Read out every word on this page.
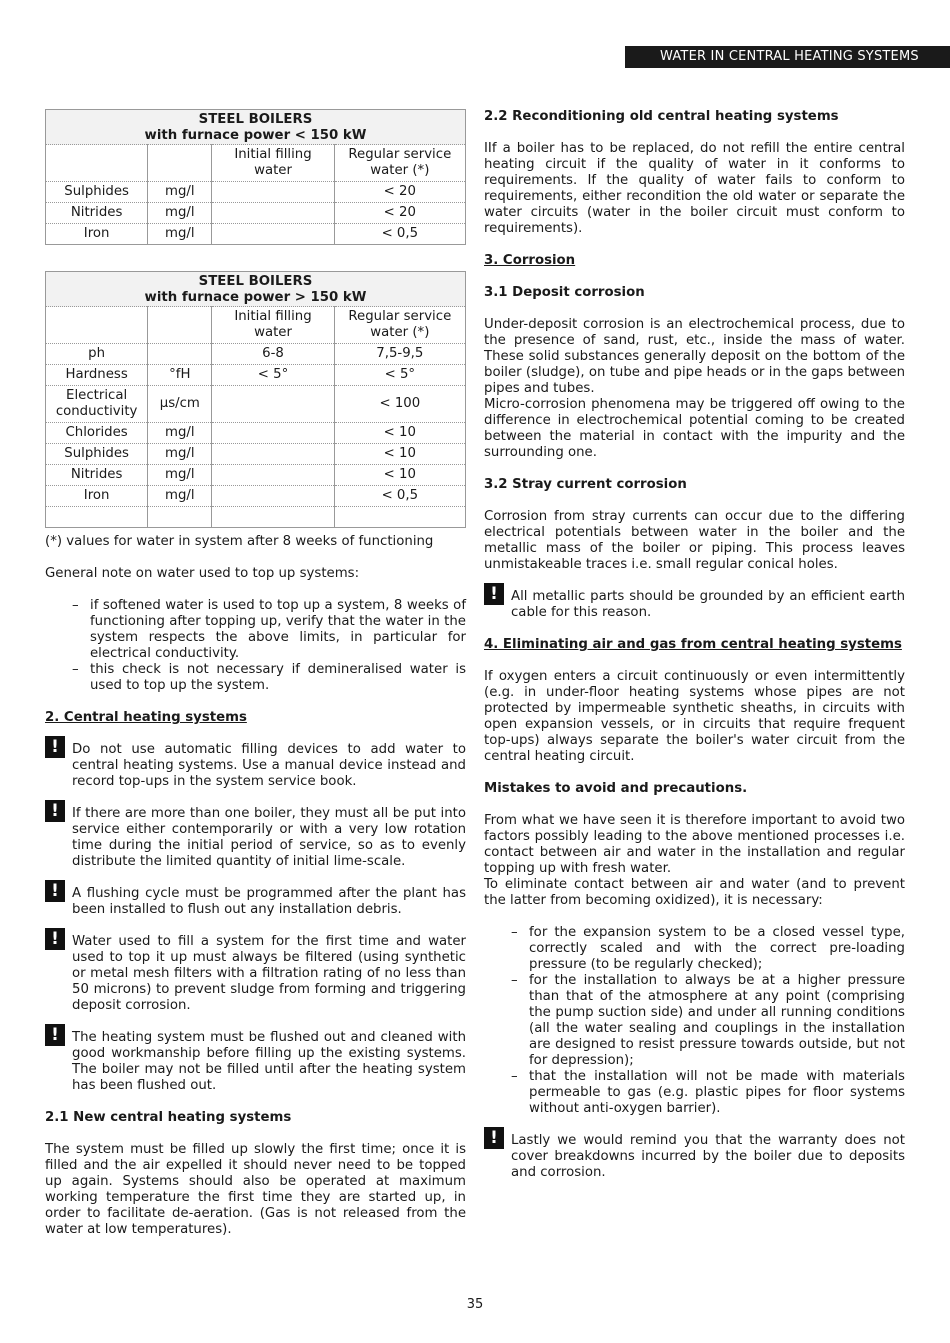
WATER IN CENTRAL HEATING SYSTEMS
STEEL BOILERS
with furnace power < 150 kW			

		Initial filling water	Regular service water (*)
Sulphides	mg/l		< 20
Nitrides	mg/l		< 20
Iron	mg/l		< 0,5
STEEL BOILERS
with furnace power > 150 kW			

		Initial filling water	Regular service water (*)
ph		6-8	7,5-9,5
Hardness	°fH	< 5°	< 5°
Electrical conductivity	µs/cm		< 100
Chlorides	mg/l		< 10
Sulphides	mg/l		< 10
Nitrides	mg/l		< 10
Iron	mg/l		< 0,5

(*) values for water in system after 8 weeks of functioning

General note on water used to top up systems:

– if softened water is used to top up a system, 8 weeks of functioning after topping up, verify that the water in the system respects the above limits, in particular for electrical conductivity.
– this check is not necessary if demineralised water is used to top up the system.

2. Central heating systems

! Do not use automatic filling devices to add water to central heating systems. Use a manual device instead and record top-ups in the system service book.

! If there are more than one boiler, they must all be put into service either contemporarily or with a very low rotation time during the initial period of service, so as to evenly distribute the limited quantity of initial lime-scale.

! A flushing cycle must be programmed after the plant has been installed to flush out any installation debris.

! Water used to fill a system for the first time and water used to top it up must always be filtered (using synthetic or metal mesh filters with a filtration rating of no less than 50 microns) to prevent sludge from forming and triggering deposit corrosion.

! The heating system must be flushed out and cleaned with good workmanship before filling up the existing systems. The boiler may not be filled until after the heating system has been flushed out.

2.1 New central heating systems

The system must be filled up slowly the first time; once it is filled and the air expelled it should never need to be topped up again. Systems should also be operated at maximum working temperature the first time they are started up, in order to facilitate de-aeration. (Gas is not released from the water at low temperatures).

2.2 Reconditioning old central heating systems

IIf a boiler has to be replaced, do not refill the entire central heating circuit if the quality of water in it conforms to requirements. If the quality of water fails to conform to requirements, either recondition the old water or separate the water circuits (water in the boiler circuit must conform to requirements).

3. Corrosion

3.1 Deposit corrosion

Under-deposit corrosion is an electrochemical process, due to the presence of sand, rust, etc., inside the mass of water. These solid substances generally deposit on the bottom of the boiler (sludge), on tube and pipe heads or in the gaps between pipes and tubes.

Micro-corrosion phenomena may be triggered off owing to the difference in electrochemical potential coming to be created between the material in contact with the impurity and the surrounding one.

3.2 Stray current corrosion

Corrosion from stray currents can occur due to the differing electrical potentials between water in the boiler and the metallic mass of the boiler or piping. This process leaves unmistakeable traces i.e. small regular conical holes.

! All metallic parts should be grounded by an efficient earth cable for this reason.

4. Eliminating air and gas from central heating systems

If oxygen enters a circuit continuously or even intermittently (e.g. in under-floor heating systems whose pipes are not protected by impermeable synthetic sheaths, in circuits with open expansion vessels, or in circuits that require frequent top-ups) always separate the boiler's water circuit from the central heating circuit.

Mistakes to avoid and precautions.

From what we have seen it is therefore important to avoid two factors possibly leading to the above mentioned processes i.e. contact between air and water in the installation and regular topping up with fresh water.

To eliminate contact between air and water (and to prevent the latter from becoming oxidized), it is necessary:

– for the expansion system to be a closed vessel type, correctly scaled and with the correct pre-loading pressure (to be regularly checked);
– for the installation to always be at a higher pressure than that of the atmosphere at any point (comprising the pump suction side) and under all running conditions (all the water sealing and couplings in the installation are designed to resist pressure towards outside, but not for depression);
– that the installation will not be made with materials permeable to gas (e.g. plastic pipes for floor systems without anti-oxygen barrier).
! Lastly we would remind you that the warranty does not cover breakdowns incurred by the boiler due to deposits and corrosion.

35
